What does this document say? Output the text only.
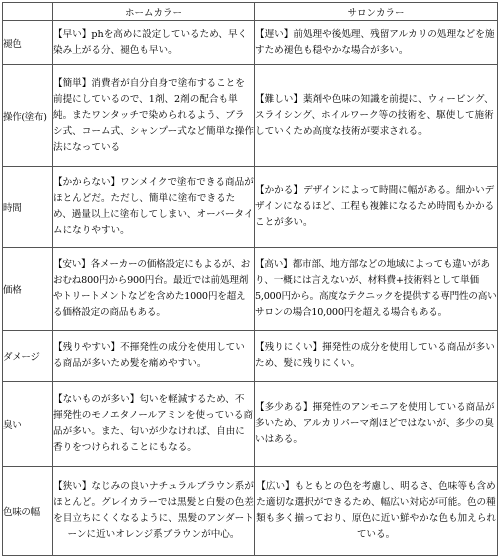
	ホームカラー	サロンカラー
褪色	【早い】phを高めに設定しているため、早く染み上がる分、褪色も早い。	【遅い】前処理や後処理、残留アルカリの処理などを施すため褪色も穏やかな場合が多い。
操作(塗布)	【簡単】消費者が自分自身で塗布することを前提にしているので、1剤、2剤の配合も単純。またワンタッチで染められるよう、ブラシ式、コーム式、シャンプー式など簡単な操作法になっている	【難しい】薬剤や色味の知識を前提に、ウィービング、スライシング、ホイルワーク等の技術を、駆使して施術していくため高度な技術が要求される。
時間	【かからない】ワンメイクで塗布できる商品がほとんどだ。ただし、簡単に塗布できるため、過量以上に塗布してしまい、オーバータイムになりやすい。	【かかる】デザインによって時間に幅がある。細かいデザインになるほど、工程も複雑になるため時間もかかることが多い。
価格	【安い】各メーカーの価格設定にもよるが、おおむね800円から900円台。最近では前処理剤やトリートメントなどを含めた1000円を超える価格設定の商品もある。	【高い】都市部、地方部などの地域によっても違いがあり、一概には言えないが、材料費+技術料として単価5,000円から。高度なテクニックを提供する専門性の高いサロンの場合10,000円を超える場合もある。
ダメージ	【残りやすい】不揮発性の成分を使用している商品が多いため髪を痛めやすい。	【残りにくい】揮発性の成分を使用している商品が多いため、髪に残りにくい。
臭い	【ないものが多い】匂いを軽減するため、不揮発性のモノエタノールアミンを使っている商品が多い。また、匂いが少なければ、自由に香りをつけられることにもなる。	【多少ある】揮発性のアンモニアを使用している商品が多いため、アルカリパーマ剤ほどではないが、多少の臭いはある。
色味の幅	【狭い】なじみの良いナチュラルブラウン系がほとんど。グレイカラーでは黒髪と白髪の色差を目立ちにくくなるように、黒髪のアンダートーンに近いオレンジ系ブラウンが中心。	【広い】もともとの色を考慮し、明るさ、色味等も含めた適切な選択ができるため、幅広い対応が可能。色の種類も多く揃っており、原色に近い鮮やかな色も加えられている。
